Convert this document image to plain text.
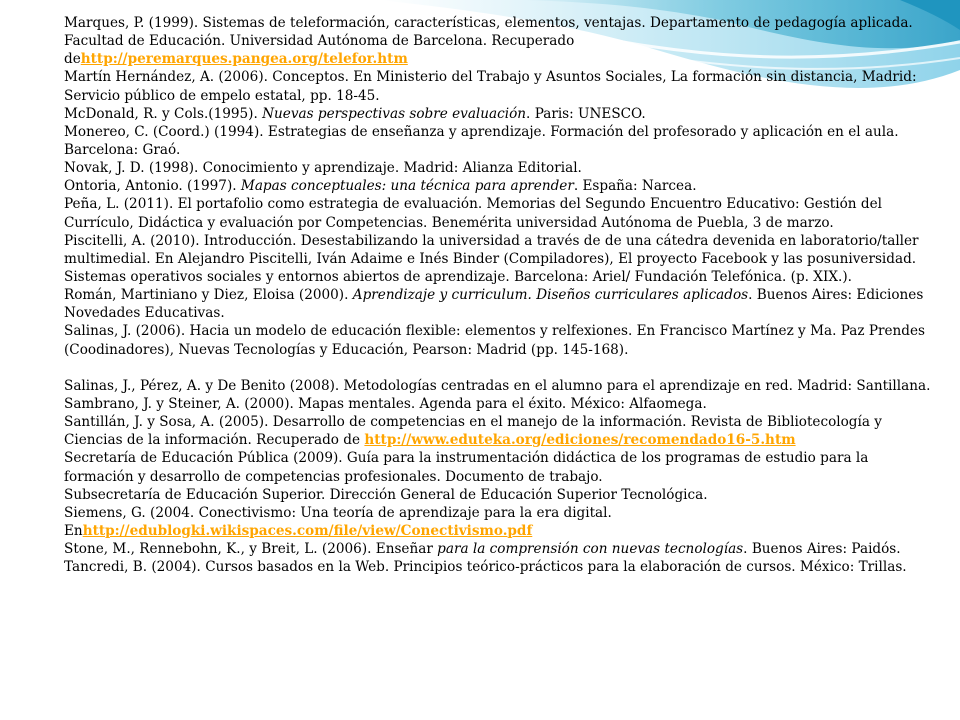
Marques, P. (1999). Sistemas de teleformación, características, elementos, ventajas. Departamento de pedagogía aplicada.
Facultad de Educación. Universidad Autónoma de Barcelona. Recuperado
dehttp://peremarques.pangea.org/telefor.htm
Martín Hernández, A. (2006). Conceptos. En Ministerio del Trabajo y Asuntos Sociales, La formación sin distancia, Madrid:
Servicio público de empelo estatal, pp. 18-45.
McDonald, R. y Cols.(1995). Nuevas perspectivas sobre evaluación. Paris: UNESCO.
Monereo, C. (Coord.) (1994). Estrategias de enseñanza y aprendizaje. Formación del profesorado y aplicación en el aula.
Barcelona: Graó.
Novak, J. D. (1998). Conocimiento y aprendizaje. Madrid: Alianza Editorial.
Ontoria, Antonio. (1997). Mapas conceptuales: una técnica para aprender. España: Narcea.
Peña, L. (2011). El portafolio como estrategia de evaluación. Memorias del Segundo Encuentro Educativo: Gestión del
Currículo, Didáctica y evaluación por Competencias. Benemérita universidad Autónoma de Puebla, 3 de marzo.
Piscitelli, A. (2010). Introducción. Desestabilizando la universidad a través de de una cátedra devenida en laboratorio/taller
multimedial. En Alejandro Piscitelli, Iván Adaime e Inés Binder (Compiladores), El proyecto Facebook y las posuniversidad.
Sistemas operativos sociales y entornos abiertos de aprendizaje. Barcelona: Ariel/ Fundación Telefónica. (p. XIX.).
Román, Martiniano y Diez, Eloisa (2000). Aprendizaje y curriculum. Diseños curriculares aplicados. Buenos Aires: Ediciones
Novedades Educativas.
Salinas, J. (2006). Hacia un modelo de educación flexible: elementos y relfexiones. En Francisco Martínez y Ma. Paz Prendes
(Coodinadores), Nuevas Tecnologías y Educación, Pearson: Madrid (pp. 145-168).
Salinas, J., Pérez, A. y De Benito (2008). Metodologías centradas en el alumno para el aprendizaje en red. Madrid: Santillana.
Sambrano, J. y Steiner, A. (2000). Mapas mentales. Agenda para el éxito. México: Alfaomega.
Santillán, J. y Sosa, A. (2005). Desarrollo de competencias en el manejo de la información. Revista de Bibliotecología y
Ciencias de la información. Recuperado de http://www.eduteka.org/ediciones/recomendado16-5.htm
Secretaría de Educación Pública (2009). Guía para la instrumentación didáctica de los programas de estudio para la
formación y desarrollo de competencias profesionales. Documento de trabajo.
Subsecretaría de Educación Superior. Dirección General de Educación Superior Tecnológica.
Siemens, G. (2004. Conectivismo: Una teoría de aprendizaje para la era digital.
Enhttp://edublogki.wikispaces.com/file/view/Conectivismo.pdf
Stone, M., Rennebohn, K., y Breit, L. (2006). Enseñar para la comprensión con nuevas tecnologías. Buenos Aires: Paidós.
Tancredi, B. (2004). Cursos basados en la Web. Principios teórico-prácticos para la elaboración de cursos. México: Trillas.
